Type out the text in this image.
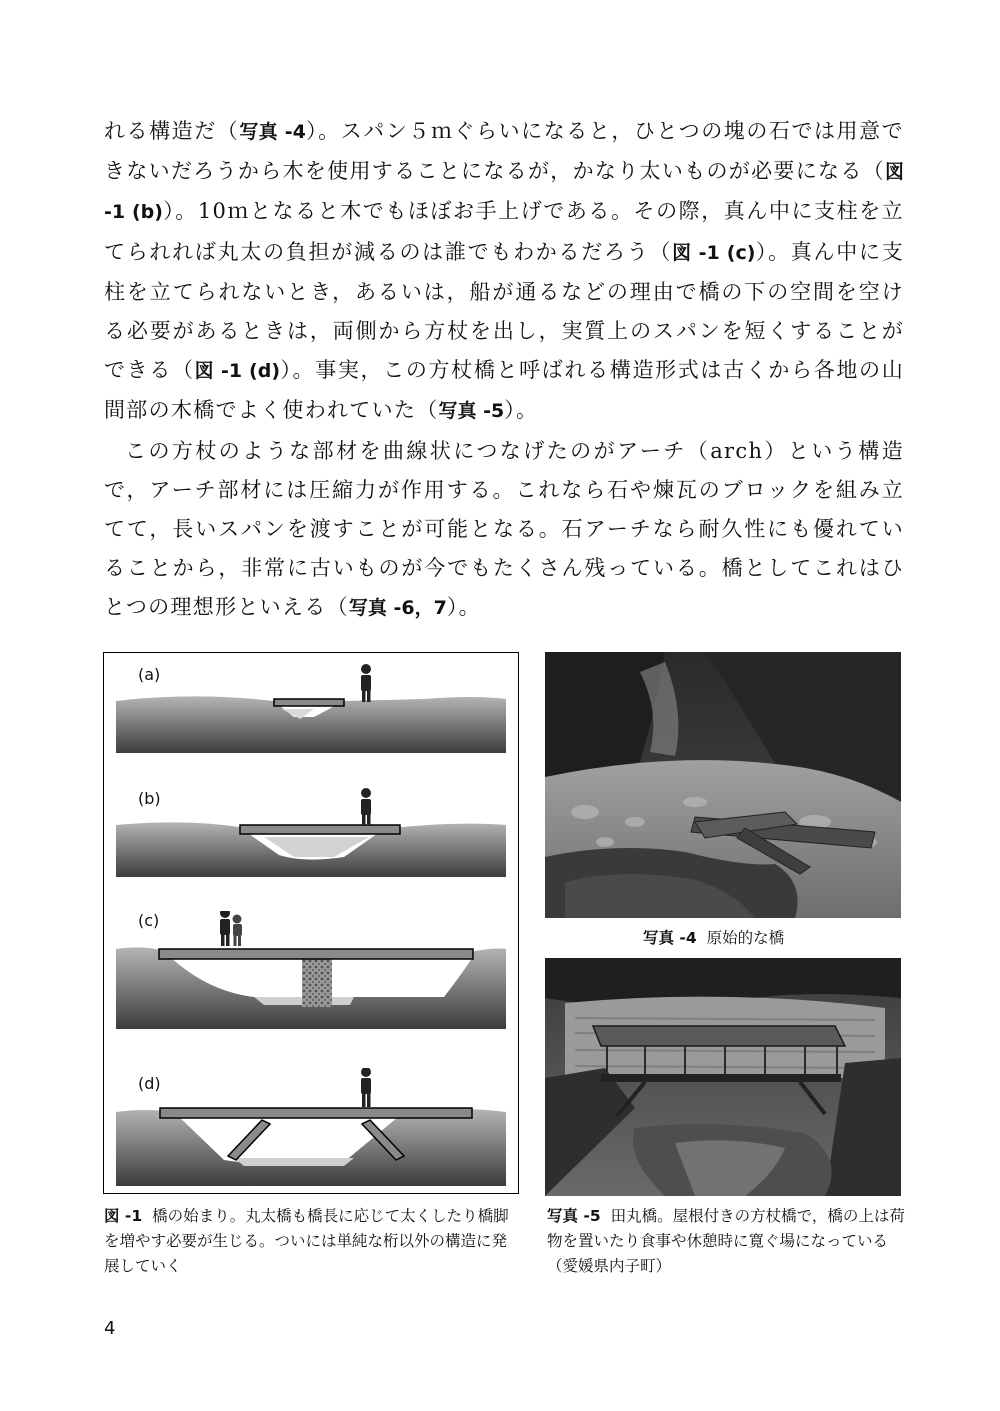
れる構造だ（写真 -4）。スパン５ｍぐらいになると，ひとつの塊の石では用意できないだろうから木を使用することになるが，かなり太いものが必要になる（図 -1 (b)）。10ｍとなると木でもほぼお手上げである。その際，真ん中に支柱を立てられれば丸太の負担が減るのは誰でもわかるだろう（図 -1 (c)）。真ん中に支柱を立てられないとき，あるいは，船が通るなどの理由で橋の下の空間を空ける必要があるときは，両側から方杖を出し，実質上のスパンを短くすることができる（図 -1 (d)）。事実，この方杖橋と呼ばれる構造形式は古くから各地の山間部の木橋でよく使われていた（写真 -5）。

この方杖のような部材を曲線状につなげたのがアーチ（arch）という構造で，アーチ部材には圧縮力が作用する。これなら石や煉瓦のブロックを組み立てて，長いスパンを渡すことが可能となる。石アーチなら耐久性にも優れていることから，非常に古いものが今でもたくさん残っている。橋としてこれはひとつの理想形といえる（写真 -6，7）。

(a)
(b)
(c)
(d)
図 -1 橋の始まり。丸太橋も橋長に応じて太くしたり橋脚を増やす必要が生じる。ついには単純な桁以外の構造に発展していく
写真 -4 原始的な橋
写真 -5 田丸橋。屋根付きの方杖橋で，橋の上は荷物を置いたり食事や休憩時に寛ぐ場になっている（愛媛県内子町）
4
